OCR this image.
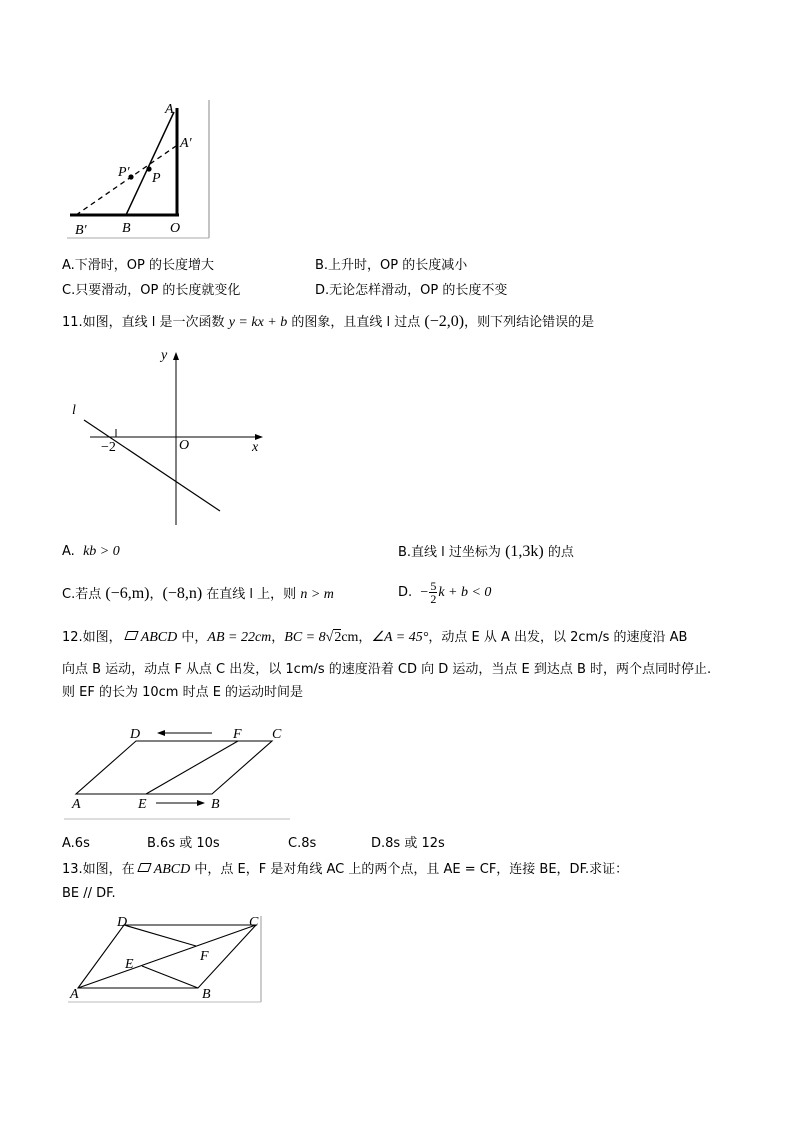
A
A′
P′ P
B′	B	O
A.下滑时，OP 的长度增大	B.上升时，OP 的长度减小
C.只要滑动，OP 的长度就变化	D.无论怎样滑动，OP 的长度不变
11.如图，直线 l 是一次函数 y = kx + b 的图象，且直线 l 过点 (−2,0)，则下列结论错误的是
y
x
O
l
−2
A. kb > 0	B.直线 l 过坐标为 (1,3k) 的点
C.若点 (−6,m)，(−8,n) 在直线 l 上，则 n > m	D. − $\frac{5}{2}$ k + b < 0
12.如图， ABCD 中，AB = 22cm，BC = 8√2cm，∠A = 45°，动点 E 从 A 出发，以 2cm/s 的速度沿 AB
向点 B 运动，动点 F 从点 C 出发，以 1cm/s 的速度沿着 CD 向 D 运动，当点 E 到达点 B 时，两个点同时停止.
则 EF 的长为 10cm 时点 E 的运动时间是
D	F C
A	E	B
A.6s	B.6s 或 10s	C.8s	D.8s 或 12s
13.如图，在 ABCD 中，点 E，F 是对角线 AC 上的两个点，且 AE = CF，连接 BE，DF.求证：
BE // DF.
D	C
E
F
A	B
